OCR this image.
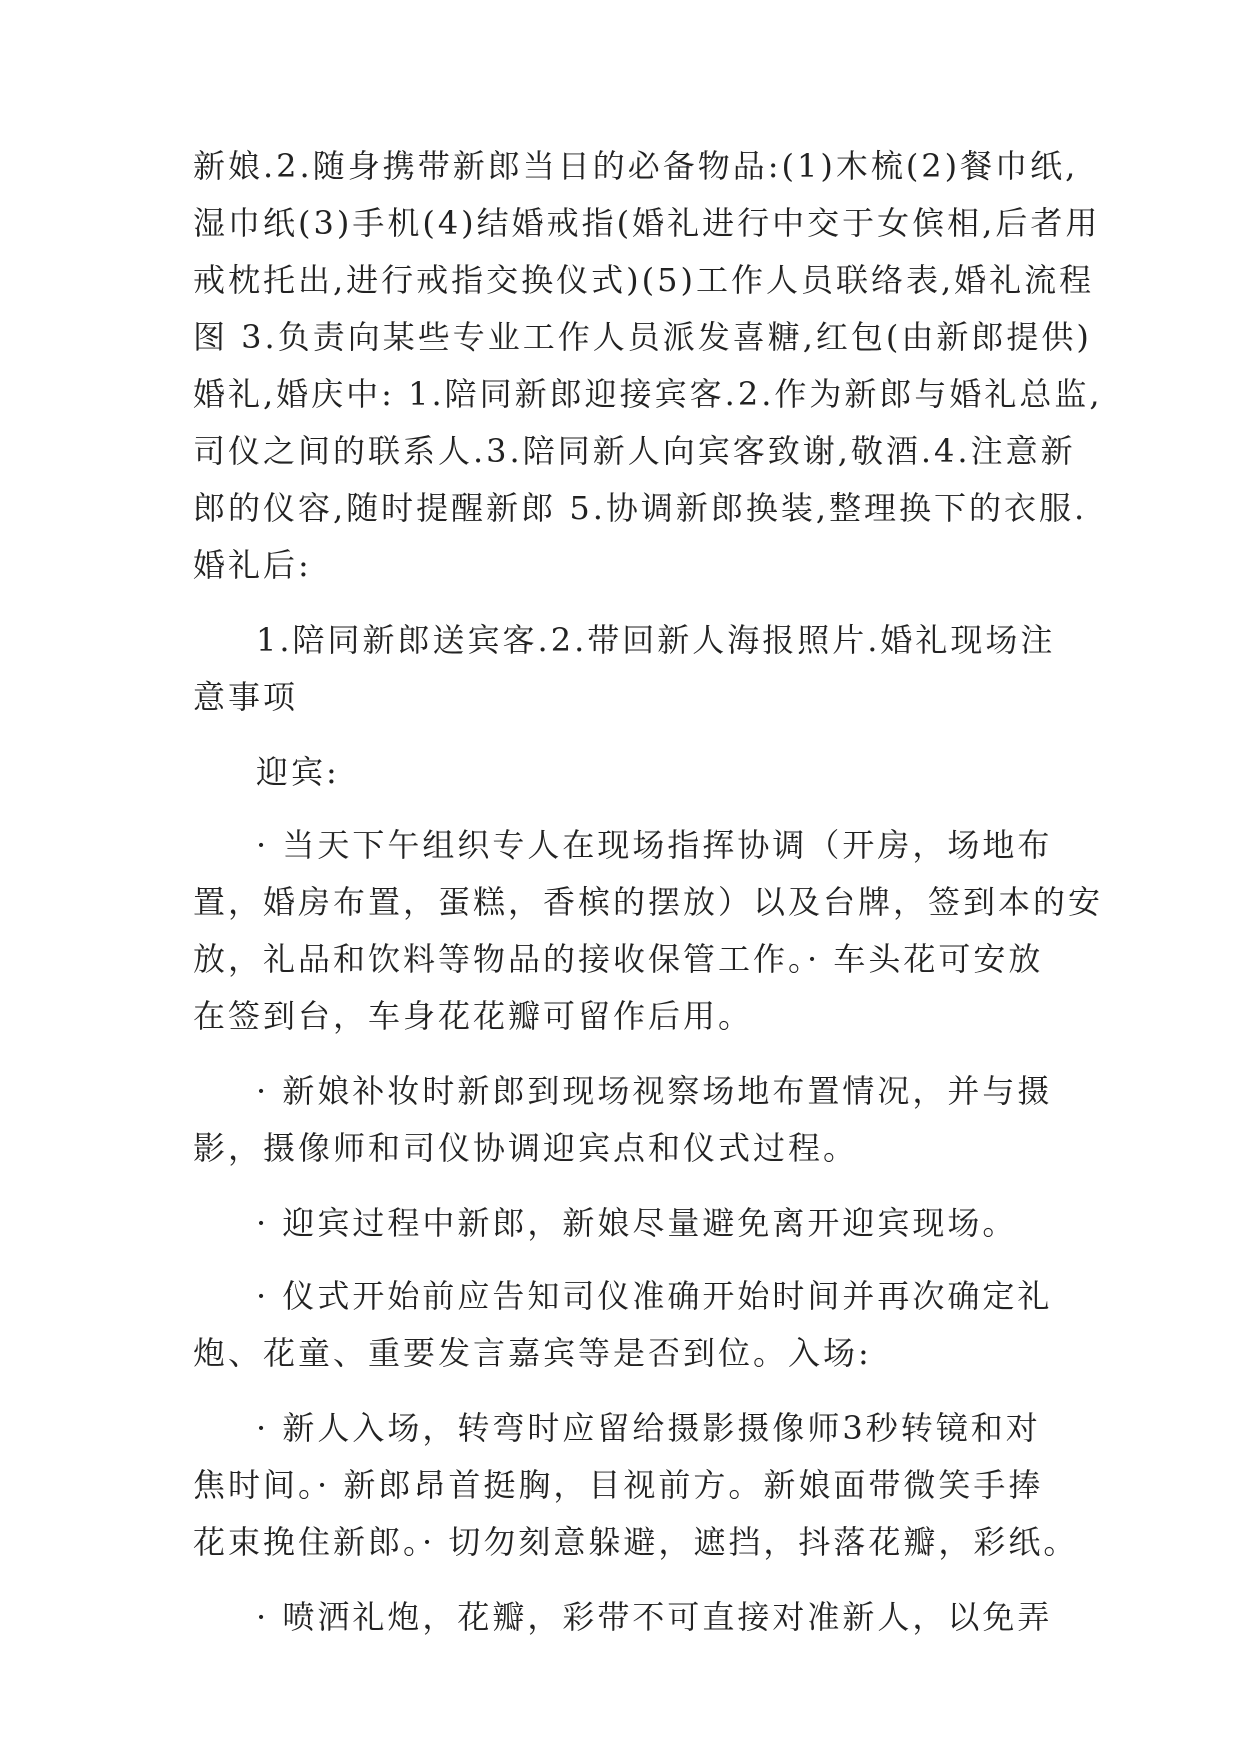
新娘.2.随身携带新郎当日的必备物品:(1)木梳(2)餐巾纸,
湿巾纸(3)手机(4)结婚戒指(婚礼进行中交于女傧相,后者用
戒枕托出,进行戒指交换仪式)(5)工作人员联络表,婚礼流程
图 3.负责向某些专业工作人员派发喜糖,红包(由新郎提供)
婚礼,婚庆中: 1.陪同新郎迎接宾客.2.作为新郎与婚礼总监,
司仪之间的联系人.3.陪同新人向宾客致谢,敬酒.4.注意新
郎的仪容,随时提醒新郎 5.协调新郎换装,整理换下的衣服.
婚礼后:
1.陪同新郎送宾客.2.带回新人海报照片.婚礼现场注
意事项
迎宾:
· 当天下午组织专人在现场指挥协调（开房，场地布
置，婚房布置，蛋糕，香槟的摆放）以及台牌，签到本的安
放，礼品和饮料等物品的接收保管工作。· 车头花可安放
在签到台，车身花花瓣可留作后用。
· 新娘补妆时新郎到现场视察场地布置情况，并与摄
影，摄像师和司仪协调迎宾点和仪式过程。
· 迎宾过程中新郎，新娘尽量避免离开迎宾现场。
· 仪式开始前应告知司仪准确开始时间并再次确定礼
炮、花童、重要发言嘉宾等是否到位。入场:
· 新人入场，转弯时应留给摄影摄像师3秒转镜和对
焦时间。· 新郎昂首挺胸，目视前方。新娘面带微笑手捧
花束挽住新郎。· 切勿刻意躲避，遮挡，抖落花瓣，彩纸。
· 喷洒礼炮，花瓣，彩带不可直接对准新人，以免弄
